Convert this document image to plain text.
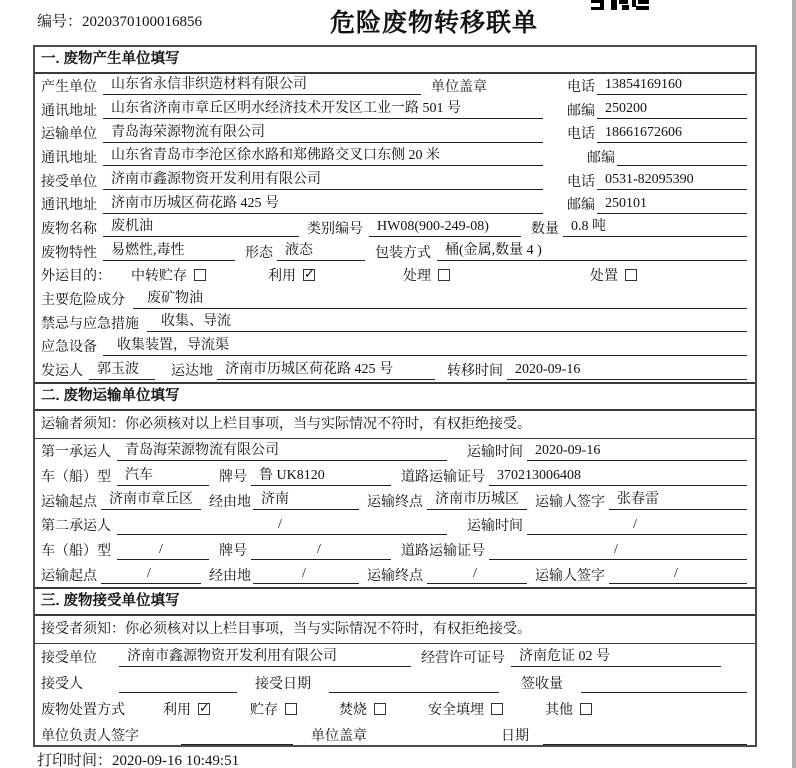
编号：2020370100016856	危险废物转移联单
一. 废物产生单位填写
产生单位	山东省永信非织造材料有限公司	单位盖章	电话 13854169160
通讯地址	山东省济南市章丘区明水经济技术开发区工业一路 501 号	邮编 250200
运输单位	青岛海荣源物流有限公司	电话 18661672606
通讯地址	山东省青岛市李沧区徐水路和郑佛路交叉口东侧 20 米	邮编
接受单位	济南市鑫源物资开发利用有限公司	电话 0531-82095390
通讯地址	济南市历城区荷花路 425 号	邮编 250101
废物名称	废机油	类别编号	HW08(900-249-08)	数量 0.8 吨
废物特性	易燃性,毒性	形态 液态	包装方式	桶(金属,数量 4 )
外运目的：	中转贮存	利用 ✓	处理	处置
主要危险成分	废矿物油
禁忌与应急措施	收集、导流
应急设备	收集装置，导流渠
发运人	郭玉波	运达地 济南市历城区荷花路 425 号	转移时间 2020-09-16
二. 废物运输单位填写
运输者须知：你必须核对以上栏目事项，当与实际情况不符时，有权拒绝接受。
第一承运人	青岛海荣源物流有限公司	运输时间 2020-09-16
车（船）型	汽车	牌号 鲁 UK8120	道路运输证号 370213006408
运输起点 济南市章丘区	经由地 济南	运输终点 济南市历城区	运输人签字 张春雷
第二承运人	/	运输时间	/
车（船）型	/	牌号	/	道路运输证号	/
运输起点	/	经由地	/	运输终点	/	运输人签字	/
三. 废物接受单位填写
接受者须知：你必须核对以上栏目事项，当与实际情况不符时，有权拒绝接受。
接受单位	济南市鑫源物资开发利用有限公司	经营许可证号	济南危证 02 号
接受人	接受日期	签收量
废物处置方式	利用 ✓	贮存	焚烧	安全填埋	其他
单位负责人签字	单位盖章	日期
打印时间：2020-09-16 10:49:51
